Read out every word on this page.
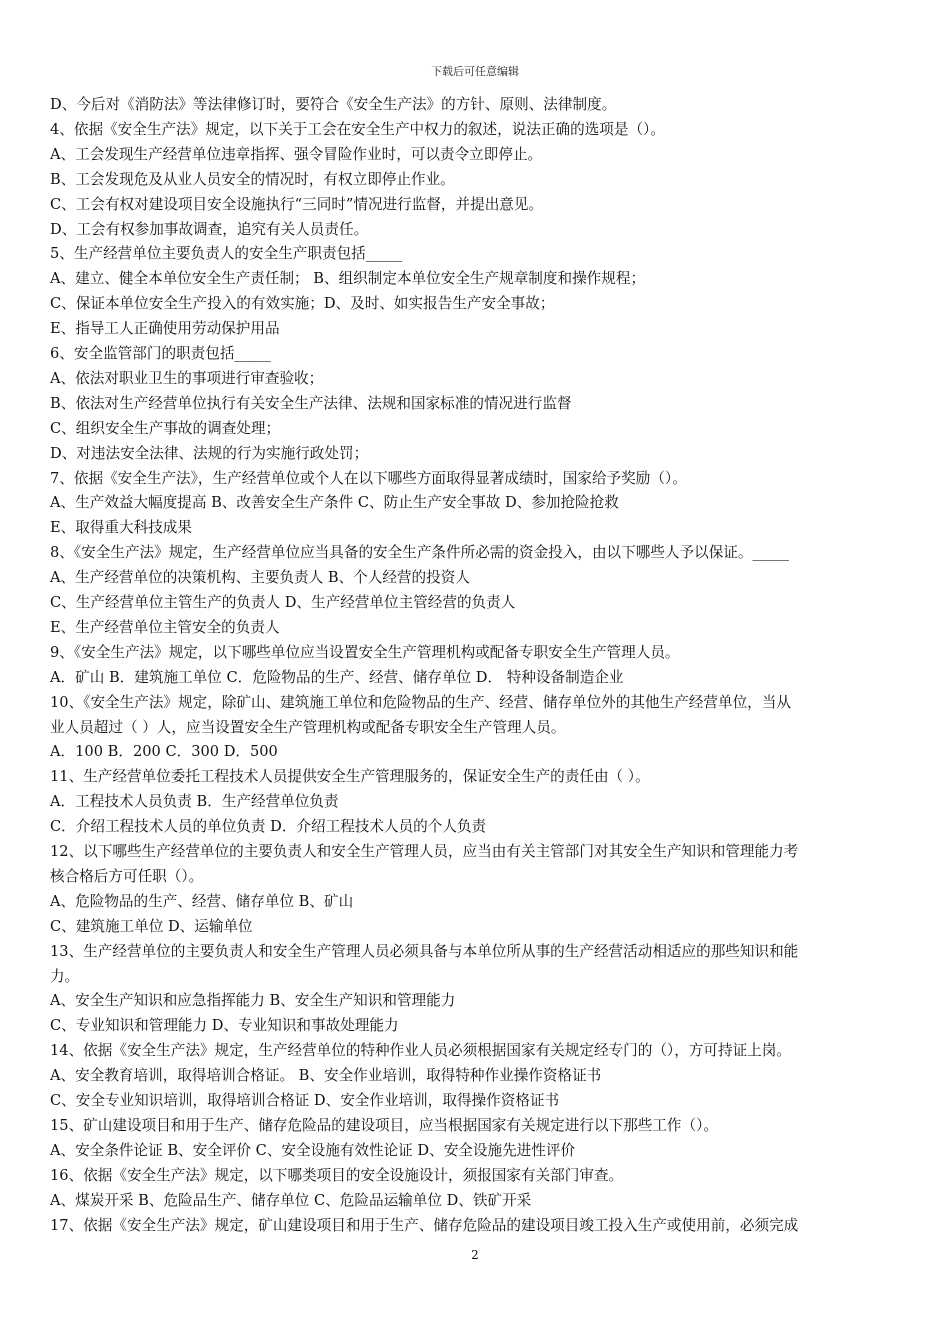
下载后可任意编辑
D、今后对《消防法》等法律修订时，要符合《安全生产法》的方针、原则、法律制度。
4、依据《安全生产法》规定，以下关于工会在安全生产中权力的叙述，说法正确的选项是（）。
A、工会发现生产经营单位违章指挥、强令冒险作业时，可以责令立即停止。
B、工会发现危及从业人员安全的情况时，有权立即停止作业。
C、工会有权对建设项目安全设施执行“三同时”情况进行监督，并提出意见。
D、工会有权参加事故调查，追究有关人员责任。
5、生产经营单位主要负责人的安全生产职责包括_____
A、建立、健全本单位安全生产责任制； B、组织制定本单位安全生产规章制度和操作规程；
C、保证本单位安全生产投入的有效实施；D、及时、如实报告生产安全事故；
E、指导工人正确使用劳动保护用品
6、安全监管部门的职责包括_____
A、依法对职业卫生的事项进行审查验收；
B、依法对生产经营单位执行有关安全生产法律、法规和国家标准的情况进行监督
C、组织安全生产事故的调查处理；
D、对违法安全法律、法规的行为实施行政处罚；
7、依据《安全生产法》，生产经营单位或个人在以下哪些方面取得显著成绩时，国家给予奖励（）。
A、生产效益大幅度提高 B、改善安全生产条件 C、防止生产安全事故 D、参加抢险抢救
E、取得重大科技成果
8、《安全生产法》规定，生产经营单位应当具备的安全生产条件所必需的资金投入，由以下哪些人予以保证。_____
A、生产经营单位的决策机构、主要负责人 B、个人经营的投资人
C、生产经营单位主管生产的负责人 D、生产经营单位主管经营的负责人
E、生产经营单位主管安全的负责人
9、《安全生产法》规定，以下哪些单位应当设置安全生产管理机构或配备专职安全生产管理人员。
A．矿山 B．建筑施工单位 C．危险物品的生产、经营、储存单位 D． 特种设备制造企业
10、《安全生产法》规定，除矿山、建筑施工单位和危险物品的生产、经营、储存单位外的其他生产经营单位，当从
业人员超过（ ）人，应当设置安全生产管理机构或配备专职安全生产管理人员。
A．100 B．200 C．300 D．500
11、生产经营单位委托工程技术人员提供安全生产管理服务的，保证安全生产的责任由（ ）。
A．工程技术人员负责 B．生产经营单位负责
C．介绍工程技术人员的单位负责 D．介绍工程技术人员的个人负责
12、以下哪些生产经营单位的主要负责人和安全生产管理人员，应当由有关主管部门对其安全生产知识和管理能力考
核合格后方可任职（）。
A、危险物品的生产、经营、储存单位 B、矿山
C、建筑施工单位 D、运输单位
13、生产经营单位的主要负责人和安全生产管理人员必须具备与本单位所从事的生产经营活动相适应的那些知识和能
力。
A、安全生产知识和应急指挥能力 B、安全生产知识和管理能力
C、专业知识和管理能力 D、专业知识和事故处理能力
14、依据《安全生产法》规定，生产经营单位的特种作业人员必须根据国家有关规定经专门的（），方可持证上岗。
A、安全教育培训，取得培训合格证。 B、安全作业培训，取得特种作业操作资格证书
C、安全专业知识培训，取得培训合格证 D、安全作业培训，取得操作资格证书
15、矿山建设项目和用于生产、储存危险品的建设项目，应当根据国家有关规定进行以下那些工作（）。
A、安全条件论证 B、安全评价 C、安全设施有效性论证 D、安全设施先进性评价
16、依据《安全生产法》规定，以下哪类项目的安全设施设计，须报国家有关部门审查。
A、煤炭开采 B、危险品生产、储存单位 C、危险品运输单位 D、铁矿开采
17、依据《安全生产法》规定，矿山建设项目和用于生产、储存危险品的建设项目竣工投入生产或使用前，必须完成
2
